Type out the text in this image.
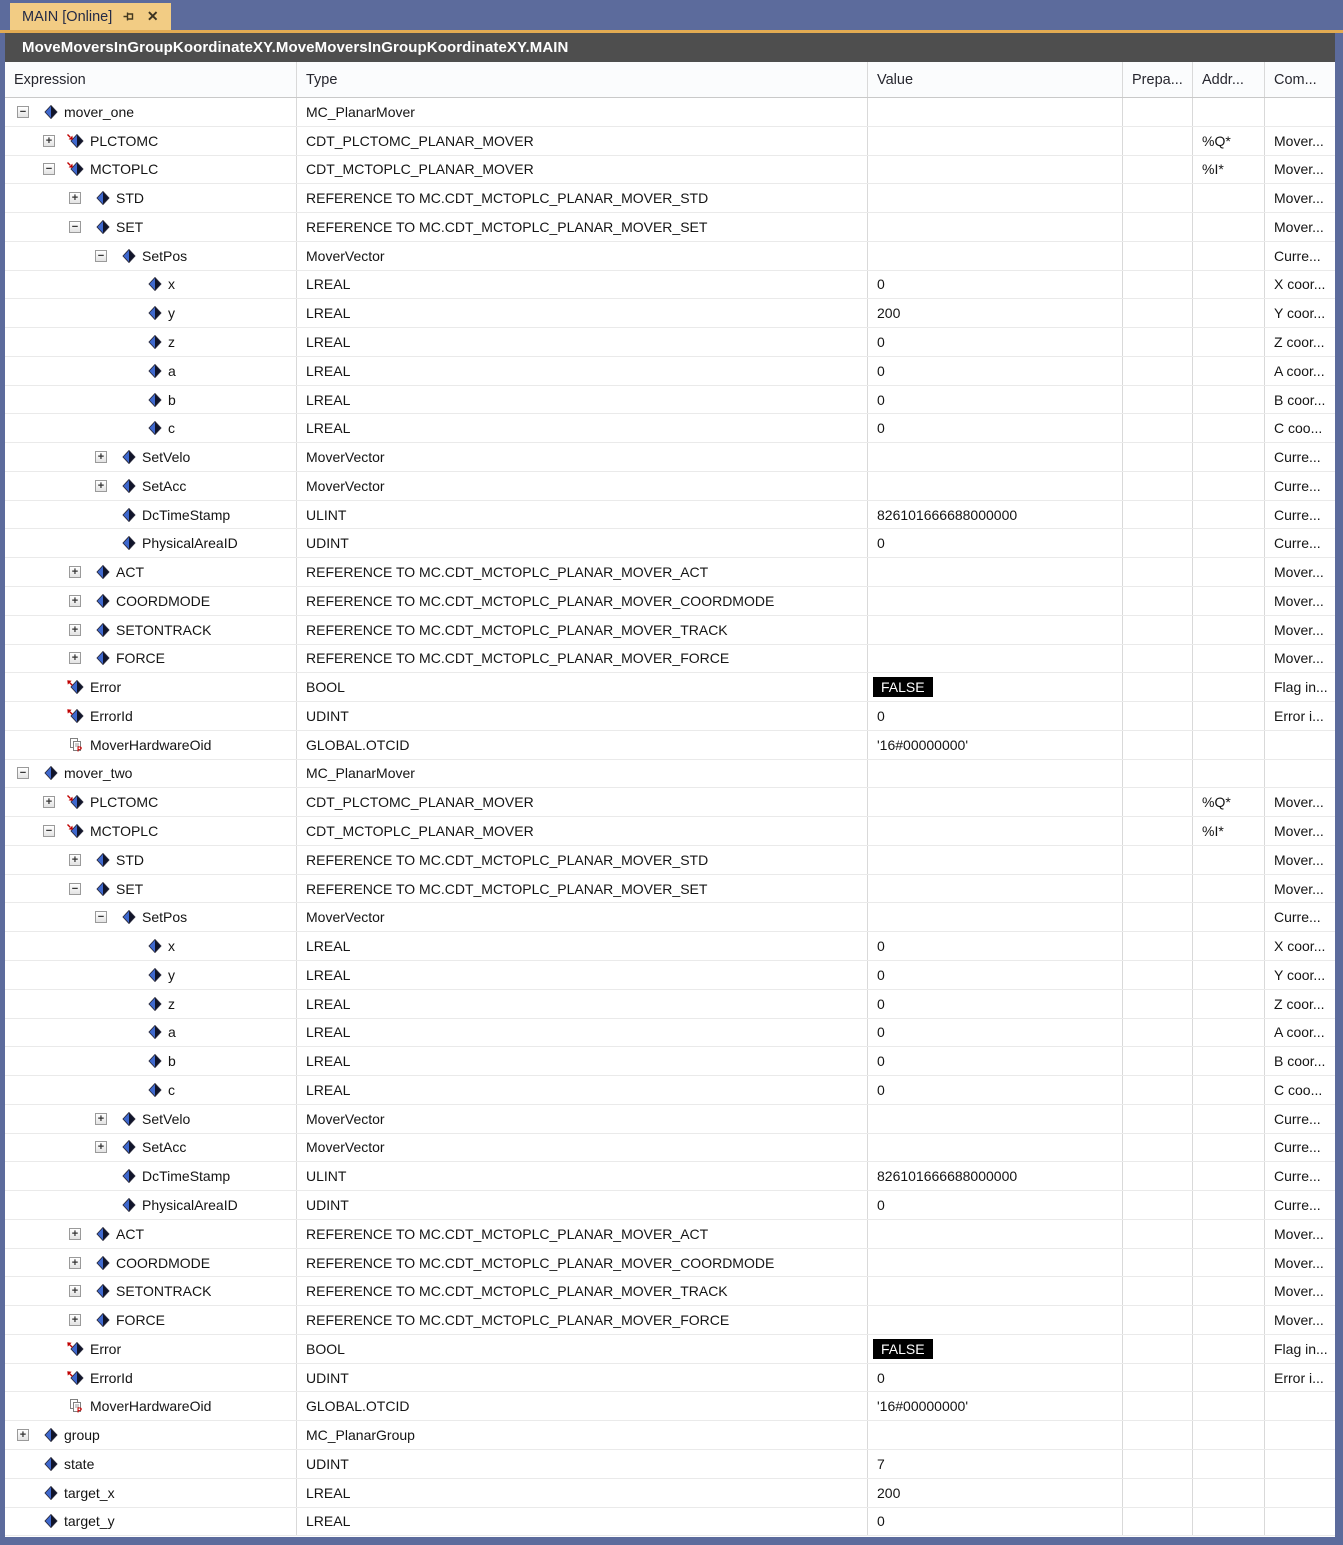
MAIN [Online] ✕
MoveMoversInGroupKoordinateXY.MoveMoversInGroupKoordinateXY.MAIN
Expression	Type	Value	Prepa...	Addr...	Com...
−	mover_one	MC_PlanarMover
+	PLCTOMC	CDT_PLCTOMC_PLANAR_MOVER	%Q*	Mover...
−	MCTOPLC	CDT_MCTOPLC_PLANAR_MOVER	%I*	Mover...
+	STD	REFERENCE TO MC.CDT_MCTOPLC_PLANAR_MOVER_STD	Mover...
−	SET	REFERENCE TO MC.CDT_MCTOPLC_PLANAR_MOVER_SET	Mover...
−	SetPos	MoverVector	Curre...
x	LREAL	0	X coor...
y	LREAL	200	Y coor...
z	LREAL	0	Z coor...
a	LREAL	0	A coor...
b	LREAL	0	B coor...
c	LREAL	0	C coo...
+	SetVelo	MoverVector	Curre...
+	SetAcc	MoverVector	Curre...
DcTimeStamp	ULINT	826101666688000000	Curre...
PhysicalAreaID	UDINT	0	Curre...
+	ACT	REFERENCE TO MC.CDT_MCTOPLC_PLANAR_MOVER_ACT	Mover...
+	COORDMODE	REFERENCE TO MC.CDT_MCTOPLC_PLANAR_MOVER_COORDMODE	Mover...
+	SETONTRACK	REFERENCE TO MC.CDT_MCTOPLC_PLANAR_MOVER_TRACK	Mover...
+	FORCE	REFERENCE TO MC.CDT_MCTOPLC_PLANAR_MOVER_FORCE	Mover...
Error	BOOL	FALSE	Flag in...
ErrorId	UDINT	0	Error i...
P MoverHardwareOid	GLOBAL.OTCID	'16#00000000'
−	mover_two	MC_PlanarMover
+	PLCTOMC	CDT_PLCTOMC_PLANAR_MOVER	%Q*	Mover...
−	MCTOPLC	CDT_MCTOPLC_PLANAR_MOVER	%I*	Mover...
+	STD	REFERENCE TO MC.CDT_MCTOPLC_PLANAR_MOVER_STD	Mover...
−	SET	REFERENCE TO MC.CDT_MCTOPLC_PLANAR_MOVER_SET	Mover...
−	SetPos	MoverVector	Curre...
x	LREAL	0	X coor...
y	LREAL	0	Y coor...
z	LREAL	0	Z coor...
a	LREAL	0	A coor...
b	LREAL	0	B coor...
c	LREAL	0	C coo...
+	SetVelo	MoverVector	Curre...
+	SetAcc	MoverVector	Curre...
DcTimeStamp	ULINT	826101666688000000	Curre...
PhysicalAreaID	UDINT	0	Curre...
+	ACT	REFERENCE TO MC.CDT_MCTOPLC_PLANAR_MOVER_ACT	Mover...
+	COORDMODE	REFERENCE TO MC.CDT_MCTOPLC_PLANAR_MOVER_COORDMODE	Mover...
+	SETONTRACK	REFERENCE TO MC.CDT_MCTOPLC_PLANAR_MOVER_TRACK	Mover...
+	FORCE	REFERENCE TO MC.CDT_MCTOPLC_PLANAR_MOVER_FORCE	Mover...
Error	BOOL	FALSE	Flag in...
ErrorId	UDINT	0	Error i...
P MoverHardwareOid	GLOBAL.OTCID	'16#00000000'
+	group	MC_PlanarGroup
state	UDINT	7
target_x	LREAL	200
target_y	LREAL	0
